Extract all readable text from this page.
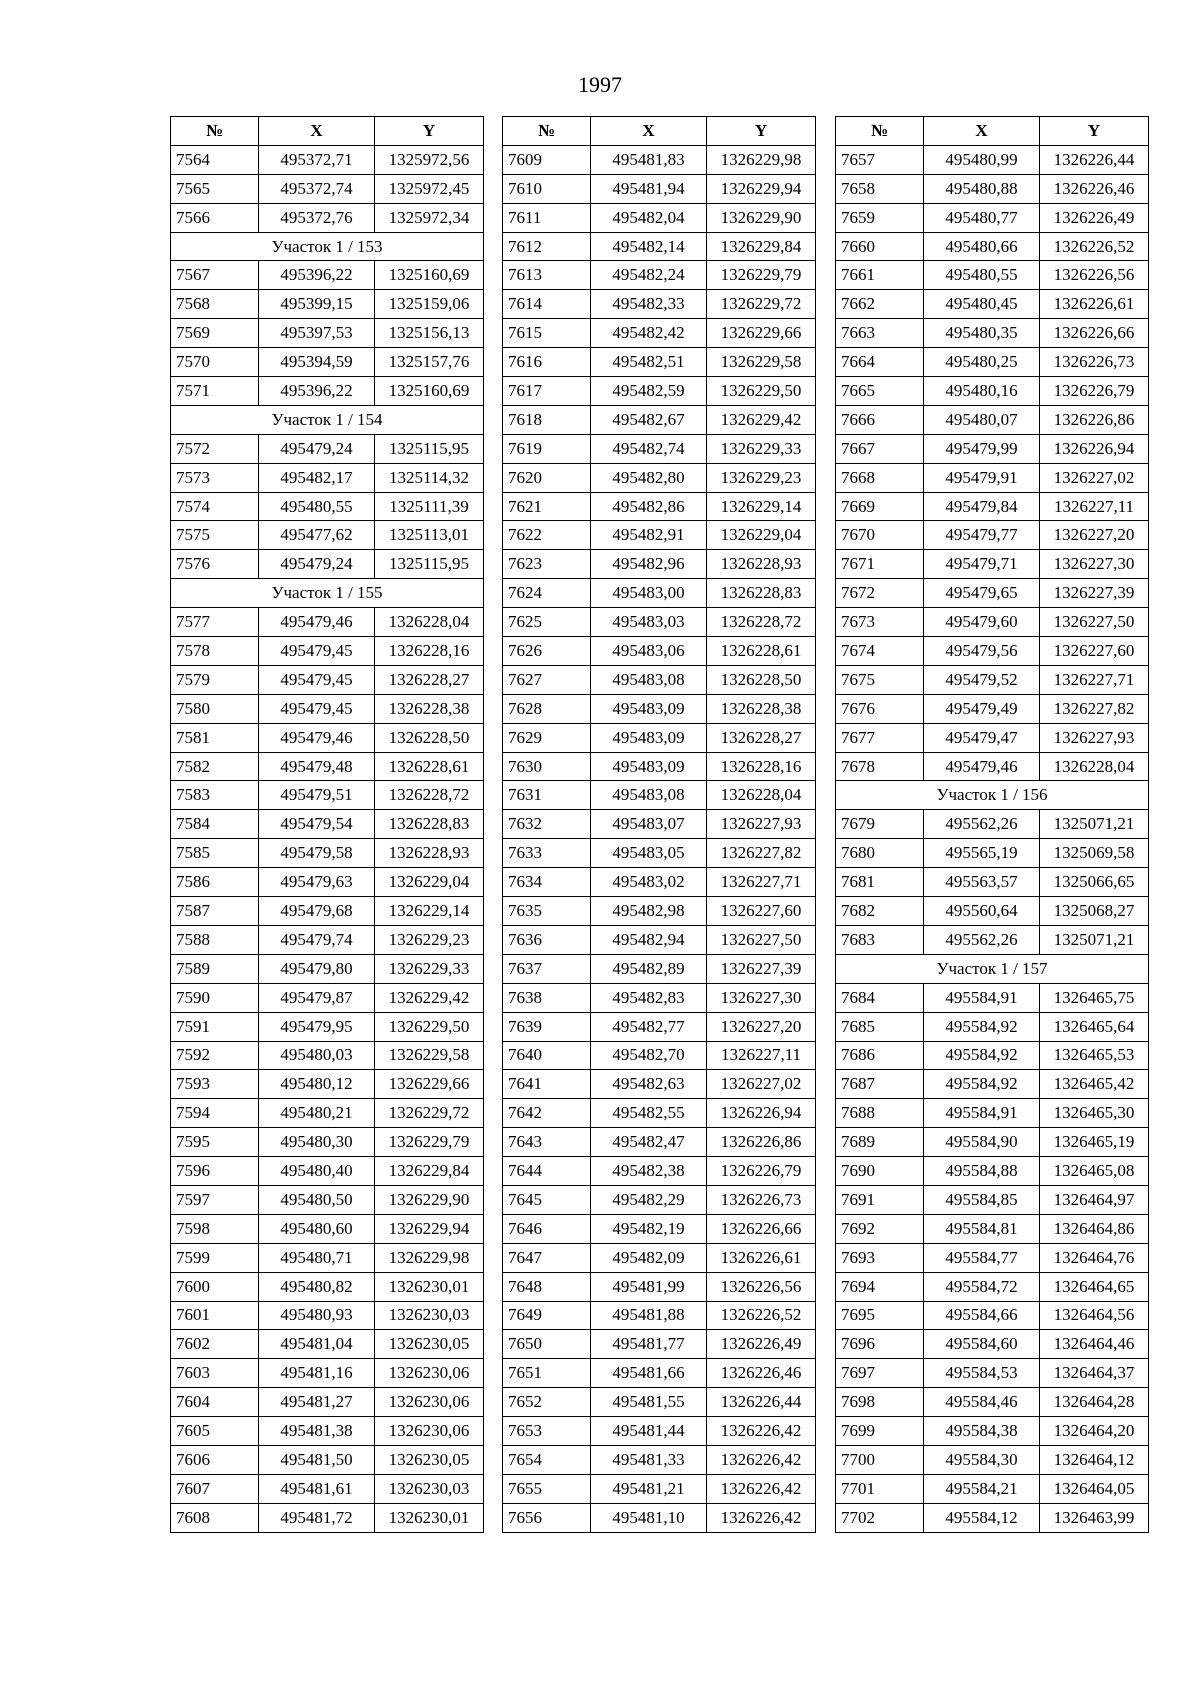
1997
№	X	Y
7564	495372,71	1325972,56
7565	495372,74	1325972,45
7566	495372,76	1325972,34
Участок 1 / 153		
7567	495396,22	1325160,69
7568	495399,15	1325159,06
7569	495397,53	1325156,13
7570	495394,59	1325157,76
7571	495396,22	1325160,69
Участок 1 / 154		
7572	495479,24	1325115,95
7573	495482,17	1325114,32
7574	495480,55	1325111,39
7575	495477,62	1325113,01
7576	495479,24	1325115,95
Участок 1 / 155		
7577	495479,46	1326228,04
7578	495479,45	1326228,16
7579	495479,45	1326228,27
7580	495479,45	1326228,38
7581	495479,46	1326228,50
7582	495479,48	1326228,61
7583	495479,51	1326228,72
7584	495479,54	1326228,83
7585	495479,58	1326228,93
7586	495479,63	1326229,04
7587	495479,68	1326229,14
7588	495479,74	1326229,23
7589	495479,80	1326229,33
7590	495479,87	1326229,42
7591	495479,95	1326229,50
7592	495480,03	1326229,58
7593	495480,12	1326229,66
7594	495480,21	1326229,72
7595	495480,30	1326229,79
7596	495480,40	1326229,84
7597	495480,50	1326229,90
7598	495480,60	1326229,94
7599	495480,71	1326229,98
7600	495480,82	1326230,01
7601	495480,93	1326230,03
7602	495481,04	1326230,05
7603	495481,16	1326230,06
7604	495481,27	1326230,06
7605	495481,38	1326230,06
7606	495481,50	1326230,05
7607	495481,61	1326230,03
7608	495481,72	1326230,01
№	X	Y
7609	495481,83	1326229,98
7610	495481,94	1326229,94
7611	495482,04	1326229,90
7612	495482,14	1326229,84
7613	495482,24	1326229,79
7614	495482,33	1326229,72
7615	495482,42	1326229,66
7616	495482,51	1326229,58
7617	495482,59	1326229,50
7618	495482,67	1326229,42
7619	495482,74	1326229,33
7620	495482,80	1326229,23
7621	495482,86	1326229,14
7622	495482,91	1326229,04
7623	495482,96	1326228,93
7624	495483,00	1326228,83
7625	495483,03	1326228,72
7626	495483,06	1326228,61
7627	495483,08	1326228,50
7628	495483,09	1326228,38
7629	495483,09	1326228,27
7630	495483,09	1326228,16
7631	495483,08	1326228,04
7632	495483,07	1326227,93
7633	495483,05	1326227,82
7634	495483,02	1326227,71
7635	495482,98	1326227,60
7636	495482,94	1326227,50
7637	495482,89	1326227,39
7638	495482,83	1326227,30
7639	495482,77	1326227,20
7640	495482,70	1326227,11
7641	495482,63	1326227,02
7642	495482,55	1326226,94
7643	495482,47	1326226,86
7644	495482,38	1326226,79
7645	495482,29	1326226,73
7646	495482,19	1326226,66
7647	495482,09	1326226,61
7648	495481,99	1326226,56
7649	495481,88	1326226,52
7650	495481,77	1326226,49
7651	495481,66	1326226,46
7652	495481,55	1326226,44
7653	495481,44	1326226,42
7654	495481,33	1326226,42
7655	495481,21	1326226,42
7656	495481,10	1326226,42
№	X	Y
7657	495480,99	1326226,44
7658	495480,88	1326226,46
7659	495480,77	1326226,49
7660	495480,66	1326226,52
7661	495480,55	1326226,56
7662	495480,45	1326226,61
7663	495480,35	1326226,66
7664	495480,25	1326226,73
7665	495480,16	1326226,79
7666	495480,07	1326226,86
7667	495479,99	1326226,94
7668	495479,91	1326227,02
7669	495479,84	1326227,11
7670	495479,77	1326227,20
7671	495479,71	1326227,30
7672	495479,65	1326227,39
7673	495479,60	1326227,50
7674	495479,56	1326227,60
7675	495479,52	1326227,71
7676	495479,49	1326227,82
7677	495479,47	1326227,93
7678	495479,46	1326228,04
Участок 1 / 156		
7679	495562,26	1325071,21
7680	495565,19	1325069,58
7681	495563,57	1325066,65
7682	495560,64	1325068,27
7683	495562,26	1325071,21
Участок 1 / 157		
7684	495584,91	1326465,75
7685	495584,92	1326465,64
7686	495584,92	1326465,53
7687	495584,92	1326465,42
7688	495584,91	1326465,30
7689	495584,90	1326465,19
7690	495584,88	1326465,08
7691	495584,85	1326464,97
7692	495584,81	1326464,86
7693	495584,77	1326464,76
7694	495584,72	1326464,65
7695	495584,66	1326464,56
7696	495584,60	1326464,46
7697	495584,53	1326464,37
7698	495584,46	1326464,28
7699	495584,38	1326464,20
7700	495584,30	1326464,12
7701	495584,21	1326464,05
7702	495584,12	1326463,99
